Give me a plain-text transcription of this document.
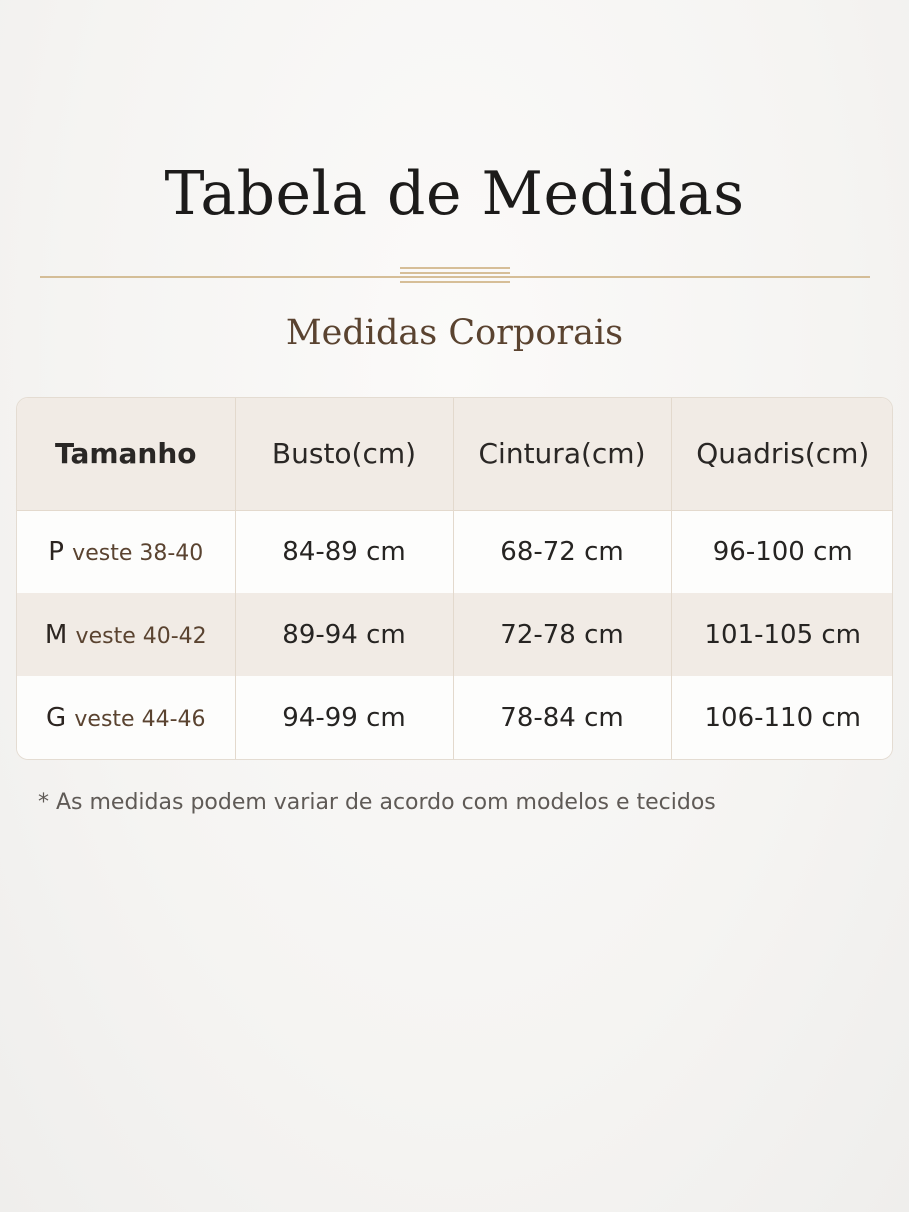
Tabela de Medidas
Medidas Corporais
Tamanho	Busto(cm)	Cintura(cm)	Quadris(cm)
P veste 38-40	84-89 cm	68-72 cm	96-100 cm
M veste 40-42	89-94 cm	72-78 cm	101-105 cm
G veste 44-46	94-99 cm	78-84 cm	106-110 cm

* As medidas podem variar de acordo com modelos e tecidos
